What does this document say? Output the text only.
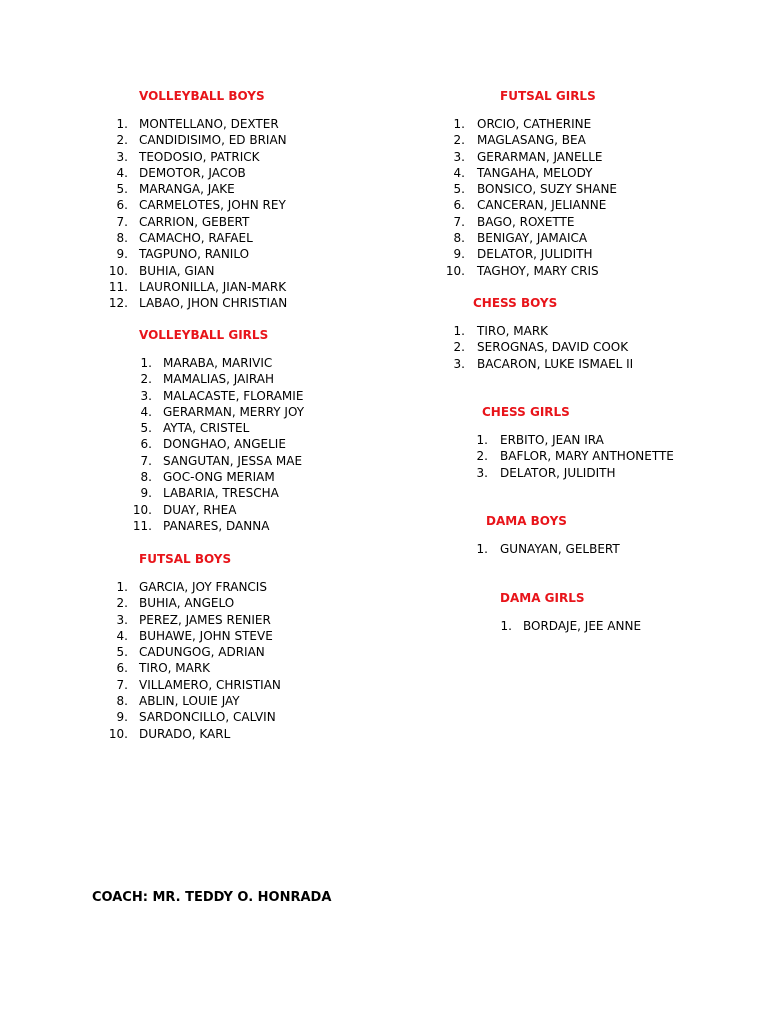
VOLLEYBALL BOYS
1. MONTELLANO, DEXTER
2. CANDIDISIMO, ED BRIAN
3. TEODOSIO, PATRICK
4. DEMOTOR, JACOB
5. MARANGA, JAKE
6. CARMELOTES, JOHN REY
7. CARRION, GEBERT
8. CAMACHO, RAFAEL
9. TAGPUNO, RANILO
10. BUHIA, GIAN
11. LAURONILLA, JIAN-MARK
12. LABAO, JHON CHRISTIAN
VOLLEYBALL GIRLS
1. MARABA, MARIVIC
2. MAMALIAS, JAIRAH
3. MALACASTE, FLORAMIE
4. GERARMAN, MERRY JOY
5. AYTA, CRISTEL
6. DONGHAO, ANGELIE
7. SANGUTAN, JESSA MAE
8. GOC-ONG MERIAM
9. LABARIA, TRESCHA
10. DUAY, RHEA
11. PANARES, DANNA
FUTSAL BOYS
1. GARCIA, JOY FRANCIS
2. BUHIA, ANGELO
3. PEREZ, JAMES RENIER
4. BUHAWE, JOHN STEVE
5. CADUNGOG, ADRIAN
6. TIRO, MARK
7. VILLAMERO, CHRISTIAN
8. ABLIN, LOUIE JAY
9. SARDONCILLO, CALVIN
10. DURADO, KARL
FUTSAL GIRLS
1. ORCIO, CATHERINE
2. MAGLASANG, BEA
3. GERARMAN, JANELLE
4. TANGAHA, MELODY
5. BONSICO, SUZY SHANE
6. CANCERAN, JELIANNE
7. BAGO, ROXETTE
8. BENIGAY, JAMAICA
9. DELATOR, JULIDITH
10. TAGHOY, MARY CRIS
CHESS BOYS
1. TIRO, MARK
2. SEROGNAS, DAVID COOK
3. BACARON, LUKE ISMAEL II
CHESS GIRLS
1. ERBITO, JEAN IRA
2. BAFLOR, MARY ANTHONETTE
3. DELATOR, JULIDITH
DAMA BOYS
1. GUNAYAN, GELBERT
DAMA GIRLS
1. BORDAJE, JEE ANNE
COACH: MR. TEDDY O. HONRADA
